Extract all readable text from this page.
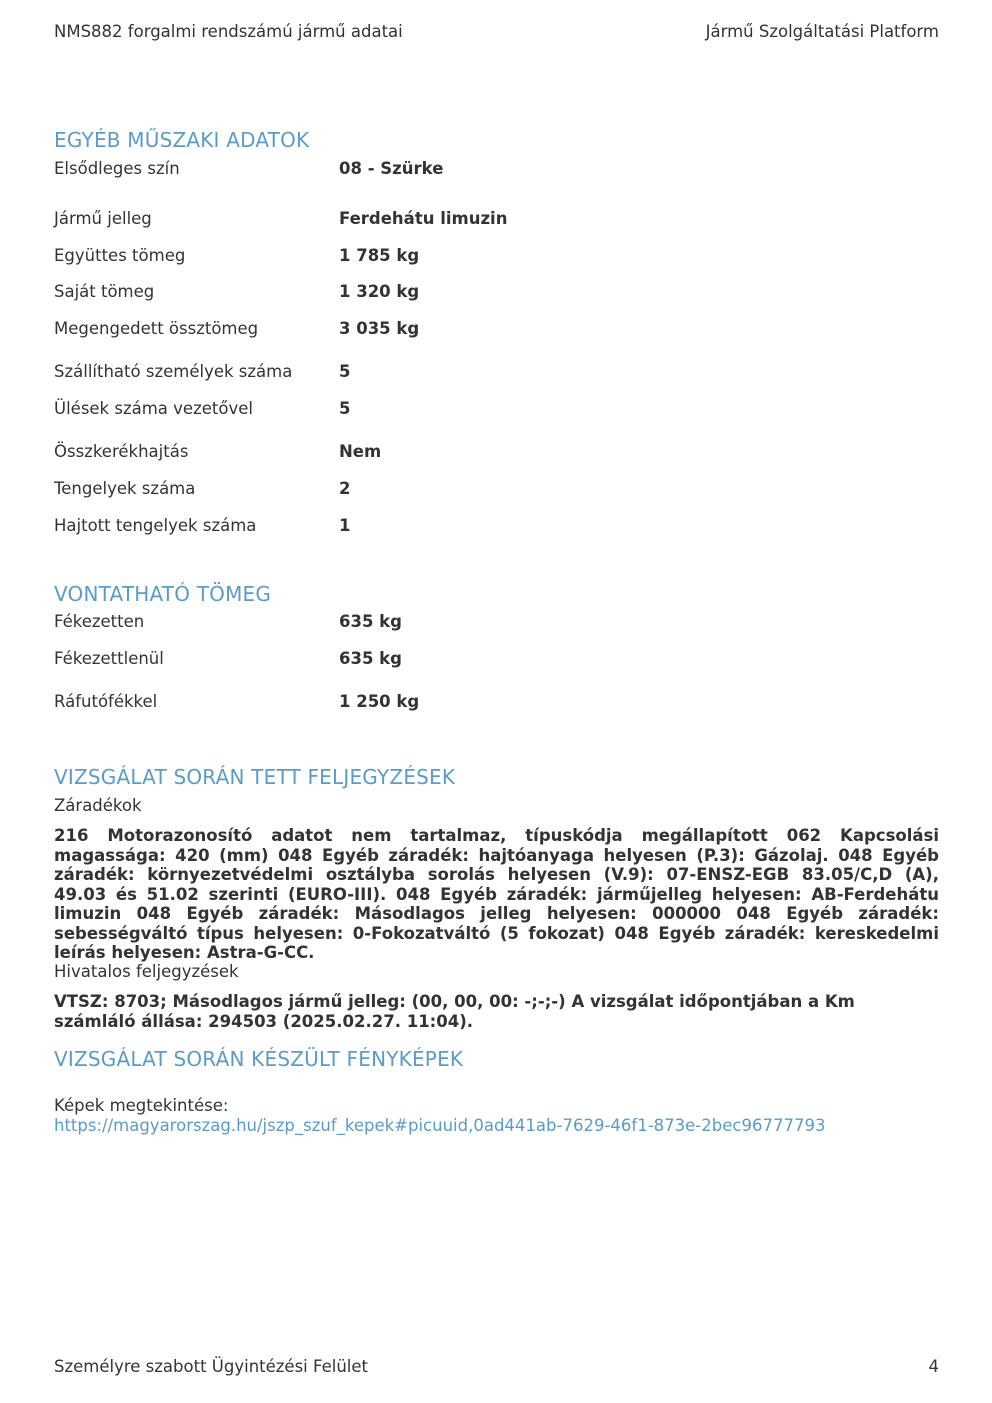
NMS882 forgalmi rendszámú jármű adatai	Jármű Szolgáltatási Platform
EGYÉB MŰSZAKI ADATOK
Elsődleges szín	08 - Szürke
Jármű jelleg	Ferdehátu limuzin
Együttes tömeg	1 785 kg
Saját tömeg	1 320 kg
Megengedett össztömeg	3 035 kg
Szállítható személyek száma	5
Ülések száma vezetővel	5
Összkerékhajtás	Nem
Tengelyek száma	2
Hajtott tengelyek száma	1
VONTATHATÓ TÖMEG
Fékezetten	635 kg
Fékezettlenül	635 kg
Ráfutófékkel	1 250 kg
VIZSGÁLAT SORÁN TETT FELJEGYZÉSEK
Záradékok

216 Motorazonosító adatot nem tartalmaz, típuskódja megállapított 062 Kapcsolási magassága: 420 (mm) 048 Egyéb záradék: hajtóanyaga helyesen (P.3): Gázolaj. 048 Egyéb záradék: környezetvédelmi osztályba sorolás helyesen (V.9): 07-ENSZ-EGB 83.05/C,D (A), 49.03 és 51.02 szerinti (EURO-III). 048 Egyéb záradék: járműjelleg helyesen: AB-Ferdehátu limuzin 048 Egyéb záradék: Másodlagos jelleg helyesen: 000000 048 Egyéb záradék: sebességváltó típus helyesen: 0-Fokozatváltó (5 fokozat) 048 Egyéb záradék: kereskedelmi leírás helyesen: Astra-G-CC.

Hivatalos feljegyzések

VTSZ: 8703; Másodlagos jármű jelleg: (00, 00, 00: -;-;-) A vizsgálat időpontjában a Km számláló állása: 294503 (2025.02.27. 11:04).

VIZSGÁLAT SORÁN KÉSZÜLT FÉNYKÉPEK
Képek megtekintése:
https://magyarorszag.hu/jszp_szuf_kepek#picuuid,0ad441ab-7629-46f1-873e-2bec96777793
Személyre szabott Ügyintézési Felület	4
